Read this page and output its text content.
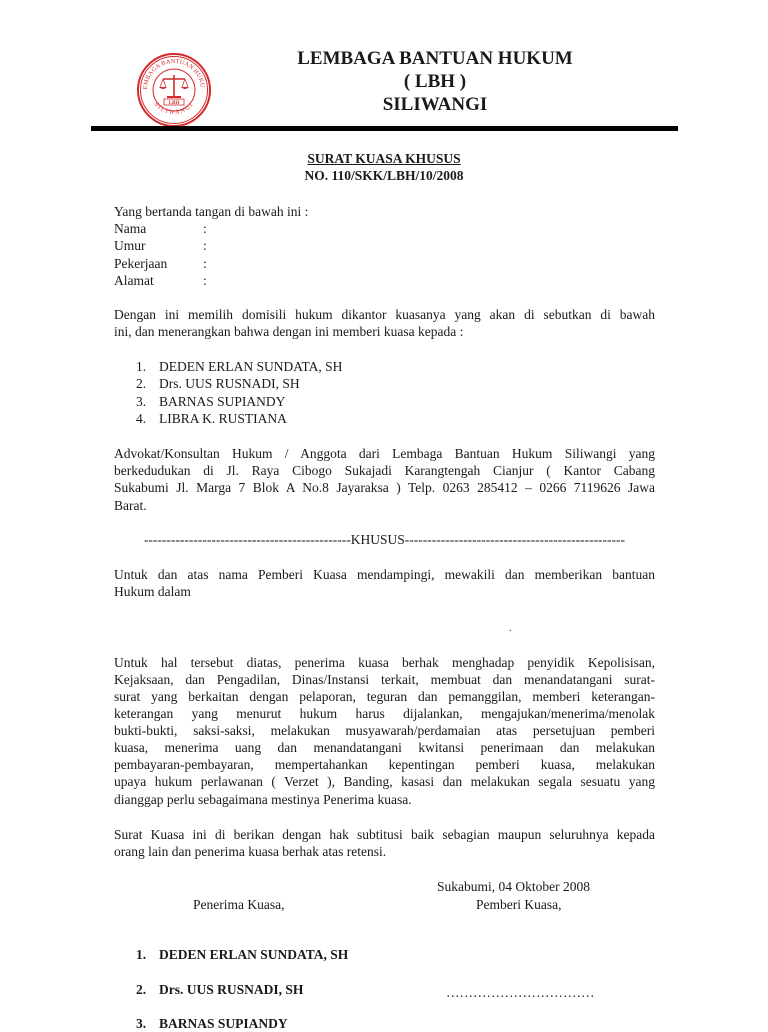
EMBAGA BANTUAN HUKU
SILIWANGI
LBH
LEMBAGA BANTUAN HUKUM
( LBH )
SILIWANGI
SURAT KUASA KHUSUS
NO. 110/SKK/LBH/10/2008
Yang bertanda tangan di bawah ini :
Nama	:
Umur	:
Pekerjaan	:
Alamat	:
Dengan ini memilih domisili hukum dikantor kuasanya yang akan di sebutkan di bawah
ini, dan menerangkan bahwa dengan ini memberi kuasa kepada :
1. DEDEN ERLAN SUNDATA, SH
2. Drs. UUS RUSNADI, SH
3. BARNAS SUPIANDY
4. LIBRA K. RUSTIANA
Advokat/Konsultan Hukum / Anggota dari Lembaga Bantuan Hukum Siliwangi yang
berkedudukan di Jl. Raya Cibogo Sukajadi Karangtengah Cianjur ( Kantor Cabang
Sukabumi Jl. Marga 7 Blok A No.8 Jayaraksa ) Telp. 0263 285412 – 0266 7119626 Jawa
Barat.
----------------------------------------------KHUSUS-------------------------------------------------
Untuk dan atas nama Pemberi Kuasa mendampingi, mewakili dan memberikan bantuan
Hukum dalam
.
Untuk hal tersebut diatas, penerima kuasa berhak menghadap penyidik Kepolisisan,
Kejaksaan, dan Pengadilan, Dinas/Instansi terkait, membuat dan menandatangani surat-
surat yang berkaitan dengan pelaporan, teguran dan pemanggilan, memberi keterangan-
keterangan yang menurut hukum harus dijalankan, mengajukan/menerima/menolak
bukti-bukti, saksi-saksi, melakukan musyawarah/perdamaian atas persetujuan pemberi
kuasa, menerima uang dan menandatangani kwitansi penerimaan dan melakukan
pembayaran-pembayaran, mempertahankan kepentingan pemberi kuasa, melakukan
upaya hukum perlawanan ( Verzet ), Banding, kasasi dan melakukan segala sesuatu yang
dianggap perlu sebagaimana mestinya Penerima kuasa.
Surat Kuasa ini di berikan dengan hak subtitusi baik sebagian maupun seluruhnya kepada
orang lain dan penerima kuasa berhak atas retensi.
Sukabumi, 04 Oktober 2008
Penerima Kuasa,	Pemberi Kuasa,
1. DEDEN ERLAN SUNDATA, SH
2. Drs. UUS RUSNADI, SH	……………………………
3. BARNAS SUPIANDY
